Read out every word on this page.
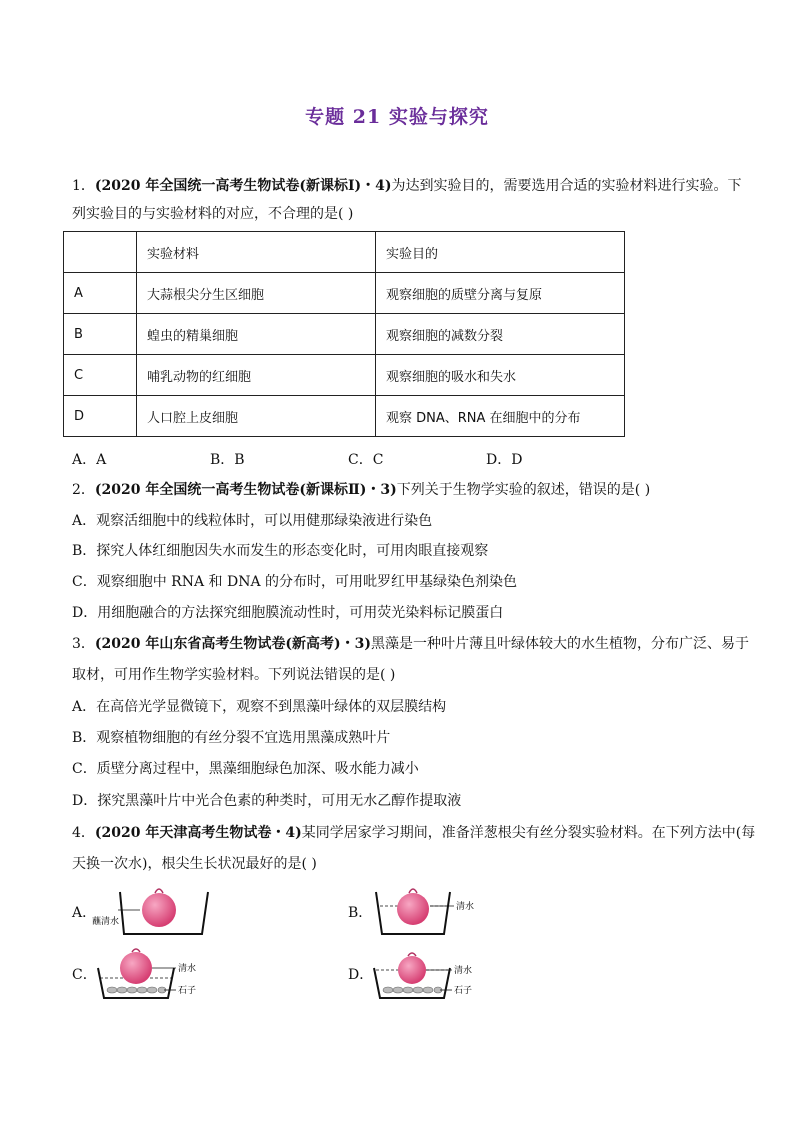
专题 21 实验与探究
1．(2020 年全国统一高考生物试卷(新课标Ⅰ)・4)为达到实验目的，需要选用合适的实验材料进行实验。下
列实验目的与实验材料的对应，不合理的是( )
	实验材料	实验目的
A	大蒜根尖分生区细胞	观察细胞的质壁分离与复原
B	蝗虫的精巢细胞	观察细胞的减数分裂
C	哺乳动物的红细胞	观察细胞的吸水和失水
D	人口腔上皮细胞	观察 DNA、RNA 在细胞中的分布
A．A	B．B	C．C	D．D
2．(2020 年全国统一高考生物试卷(新课标Ⅱ)・3)下列关于生物学实验的叙述，错误的是( )
A．观察活细胞中的线粒体时，可以用健那绿染液进行染色
B．探究人体红细胞因失水而发生的形态变化时，可用肉眼直接观察
C．观察细胞中 RNA 和 DNA 的分布时，可用吡罗红甲基绿染色剂染色
D．用细胞融合的方法探究细胞膜流动性时，可用荧光染料标记膜蛋白
3．(2020 年山东省高考生物试卷(新高考)・3)黑藻是一种叶片薄且叶绿体较大的水生植物，分布广泛、易于
取材，可用作生物学实验材料。下列说法错误的是( )
A．在高倍光学显微镜下，观察不到黑藻叶绿体的双层膜结构
B．观察植物细胞的有丝分裂不宜选用黑藻成熟叶片
C．质壁分离过程中，黑藻细胞绿色加深、吸水能力减小
D．探究黑藻叶片中光合色素的种类时，可用无水乙醇作提取液
4．(2020 年天津高考生物试卷・4)某同学居家学习期间，准备洋葱根尖有丝分裂实验材料。在下列方法中(每
天换一次水)，根尖生长状况最好的是( )
A．	B．
C．	D．
蘸清水
清水
清水
石子
清水
石子
